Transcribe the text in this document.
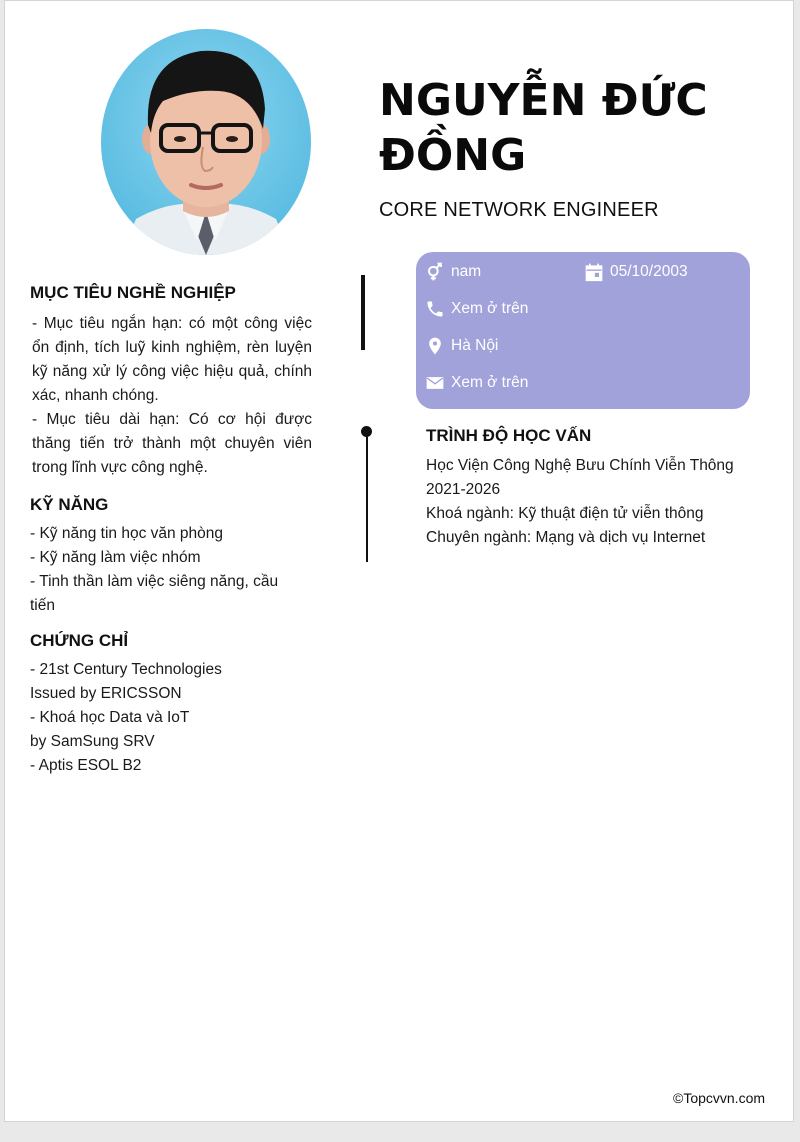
NGUYỄN ĐỨC ĐỒNG
CORE NETWORK ENGINEER
MỤC TIÊU NGHỀ NGHIỆP

- Mục tiêu ngắn hạn: có một công việc ổn định, tích luỹ kinh nghiệm, rèn luyện kỹ năng xử lý công việc hiệu quả, chính xác, nhanh chóng.

- Mục tiêu dài hạn: Có cơ hội được thăng tiến trở thành một chuyên viên trong lĩnh vực công nghệ.

KỸ NĂNG

- Kỹ năng tin học văn phòng

- Kỹ năng làm việc nhóm

- Tinh thần làm việc siêng năng, cầu tiến

CHỨNG CHỈ

- 21st Century Technologies

Issued by ERICSSON

- Khoá học Data và IoT

by SamSung SRV

- Aptis ESOL B2

nam	05/10/2003
Xem ở trên
Hà Nội
Xem ở trên
TRÌNH ĐỘ HỌC VẤN

Học Viện Công Nghệ Bưu Chính Viễn Thông

2021-2026

Khoá ngành: Kỹ thuật điện tử viễn thông

Chuyên ngành: Mạng và dịch vụ Internet

©Topcvvn.com
